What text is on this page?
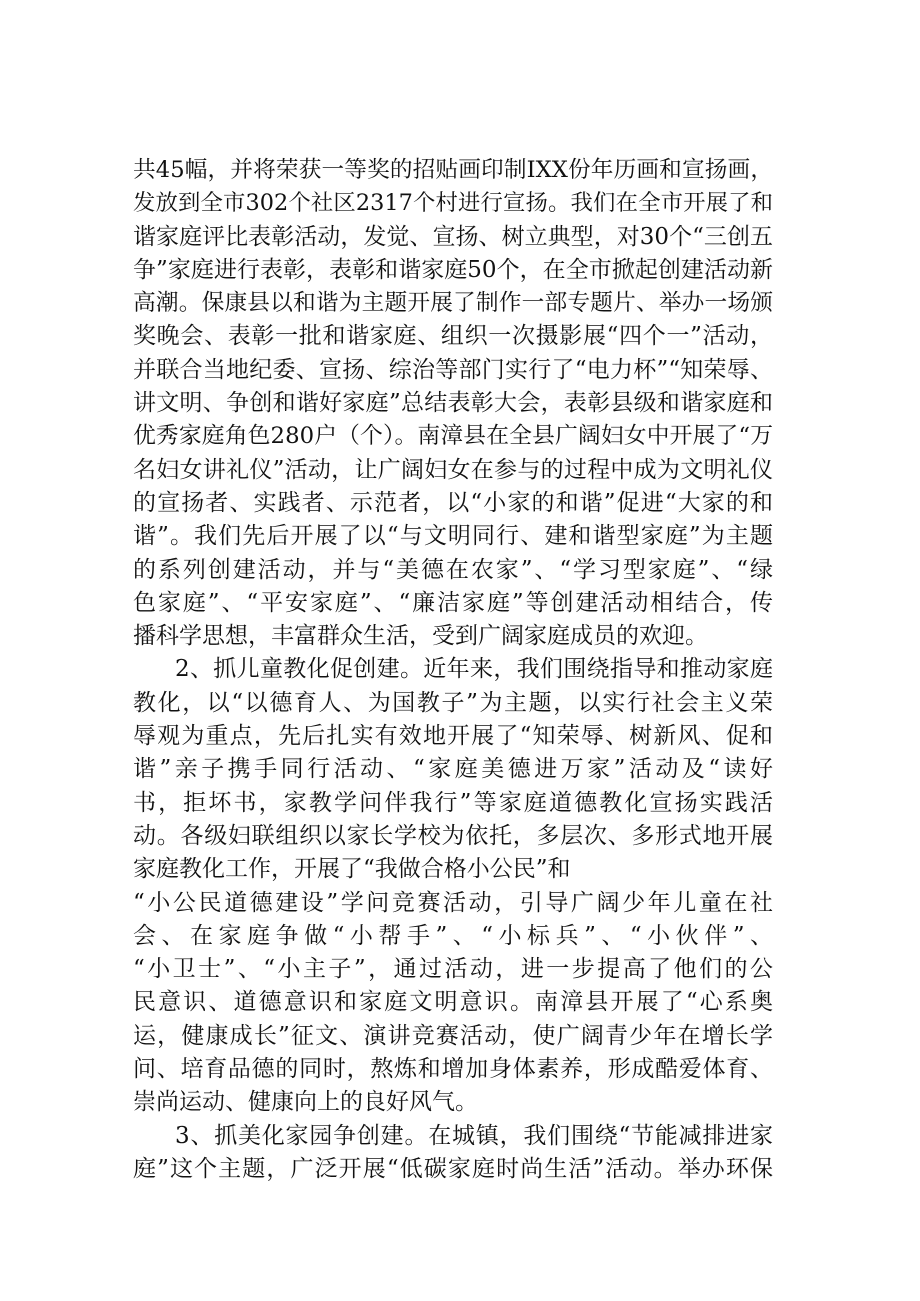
共45幅，并将荣获一等奖的招贴画印制IXX份年历画和宣扬画，
发放到全市302个社区2317个村进行宣扬。我们在全市开展了和
谐家庭评比表彰活动，发觉、宣扬、树立典型，对30个“三创五
争”家庭进行表彰，表彰和谐家庭50个，在全市掀起创建活动新
高潮。保康县以和谐为主题开展了制作一部专题片、举办一场颁
奖晚会、表彰一批和谐家庭、组织一次摄影展“四个一”活动，
并联合当地纪委、宣扬、综治等部门实行了“电力杯”“知荣辱、
讲文明、争创和谐好家庭”总结表彰大会，表彰县级和谐家庭和
优秀家庭角色280户（个）。南漳县在全县广阔妇女中开展了“万
名妇女讲礼仪”活动，让广阔妇女在参与的过程中成为文明礼仪
的宣扬者、实践者、示范者，以“小家的和谐”促进“大家的和
谐”。我们先后开展了以“与文明同行、建和谐型家庭”为主题
的系列创建活动，并与“美德在农家”、“学习型家庭”、“绿
色家庭”、“平安家庭”、“廉洁家庭”等创建活动相结合，传
播科学思想，丰富群众生活，受到广阔家庭成员的欢迎。
2、抓儿童教化促创建。近年来，我们围绕指导和推动家庭
教化，以“以德育人、为国教子”为主题，以实行社会主义荣
辱观为重点，先后扎实有效地开展了“知荣辱、树新风、促和
谐”亲子携手同行活动、“家庭美德进万家”活动及“读好
书，拒坏书，家教学问伴我行”等家庭道德教化宣扬实践活
动。各级妇联组织以家长学校为依托，多层次、多形式地开展
家庭教化工作，开展了“我做合格小公民”和
“小公民道德建设”学问竞赛活动，引导广阔少年儿童在社
会、在家庭争做“小帮手”、“小标兵”、“小伙伴”、
“小卫士”、“小主子”，通过活动，进一步提高了他们的公
民意识、道德意识和家庭文明意识。南漳县开展了“心系奥
运，健康成长”征文、演讲竞赛活动，使广阔青少年在增长学
问、培育品德的同时，熬炼和增加身体素养，形成酷爱体育、
崇尚运动、健康向上的良好风气。
3、抓美化家园争创建。在城镇，我们围绕“节能减排进家
庭”这个主题，广泛开展“低碳家庭时尚生活”活动。举办环保
